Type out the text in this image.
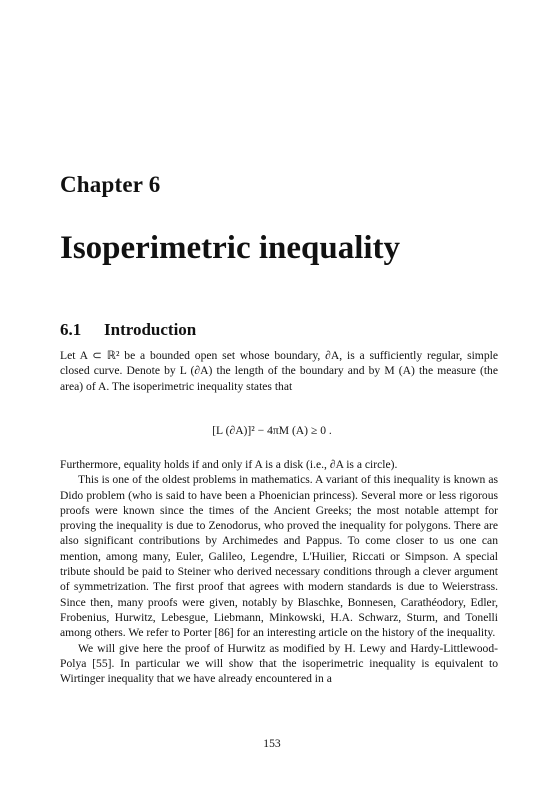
Chapter 6
Isoperimetric inequality
6.1 Introduction

Let A ⊂ ℝ² be a bounded open set whose boundary, ∂A, is a sufficiently regular, simple closed curve. Denote by L (∂A) the length of the boundary and by M (A) the measure (the area) of A. The isoperimetric inequality states that

[L (∂A)]² − 4πM (A) ≥ 0 .

Furthermore, equality holds if and only if A is a disk (i.e., ∂A is a circle).

This is one of the oldest problems in mathematics. A variant of this inequality is known as Dido problem (who is said to have been a Phoenician princess). Several more or less rigorous proofs were known since the times of the Ancient Greeks; the most notable attempt for proving the inequality is due to Zenodorus, who proved the inequality for polygons. There are also significant contributions by Archimedes and Pappus. To come closer to us one can mention, among many, Euler, Galileo, Legendre, L'Huilier, Riccati or Simpson. A special tribute should be paid to Steiner who derived necessary conditions through a clever argument of symmetrization. The first proof that agrees with modern standards is due to Weierstrass. Since then, many proofs were given, notably by Blaschke, Bonnesen, Carathéodory, Edler, Frobenius, Hurwitz, Lebesgue, Liebmann, Minkowski, H.A. Schwarz, Sturm, and Tonelli among others. We refer to Porter [86] for an interesting article on the history of the inequality.

We will give here the proof of Hurwitz as modified by H. Lewy and Hardy-Littlewood-Polya [55]. In particular we will show that the isoperimetric inequality is equivalent to Wirtinger inequality that we have already encountered in a

153
